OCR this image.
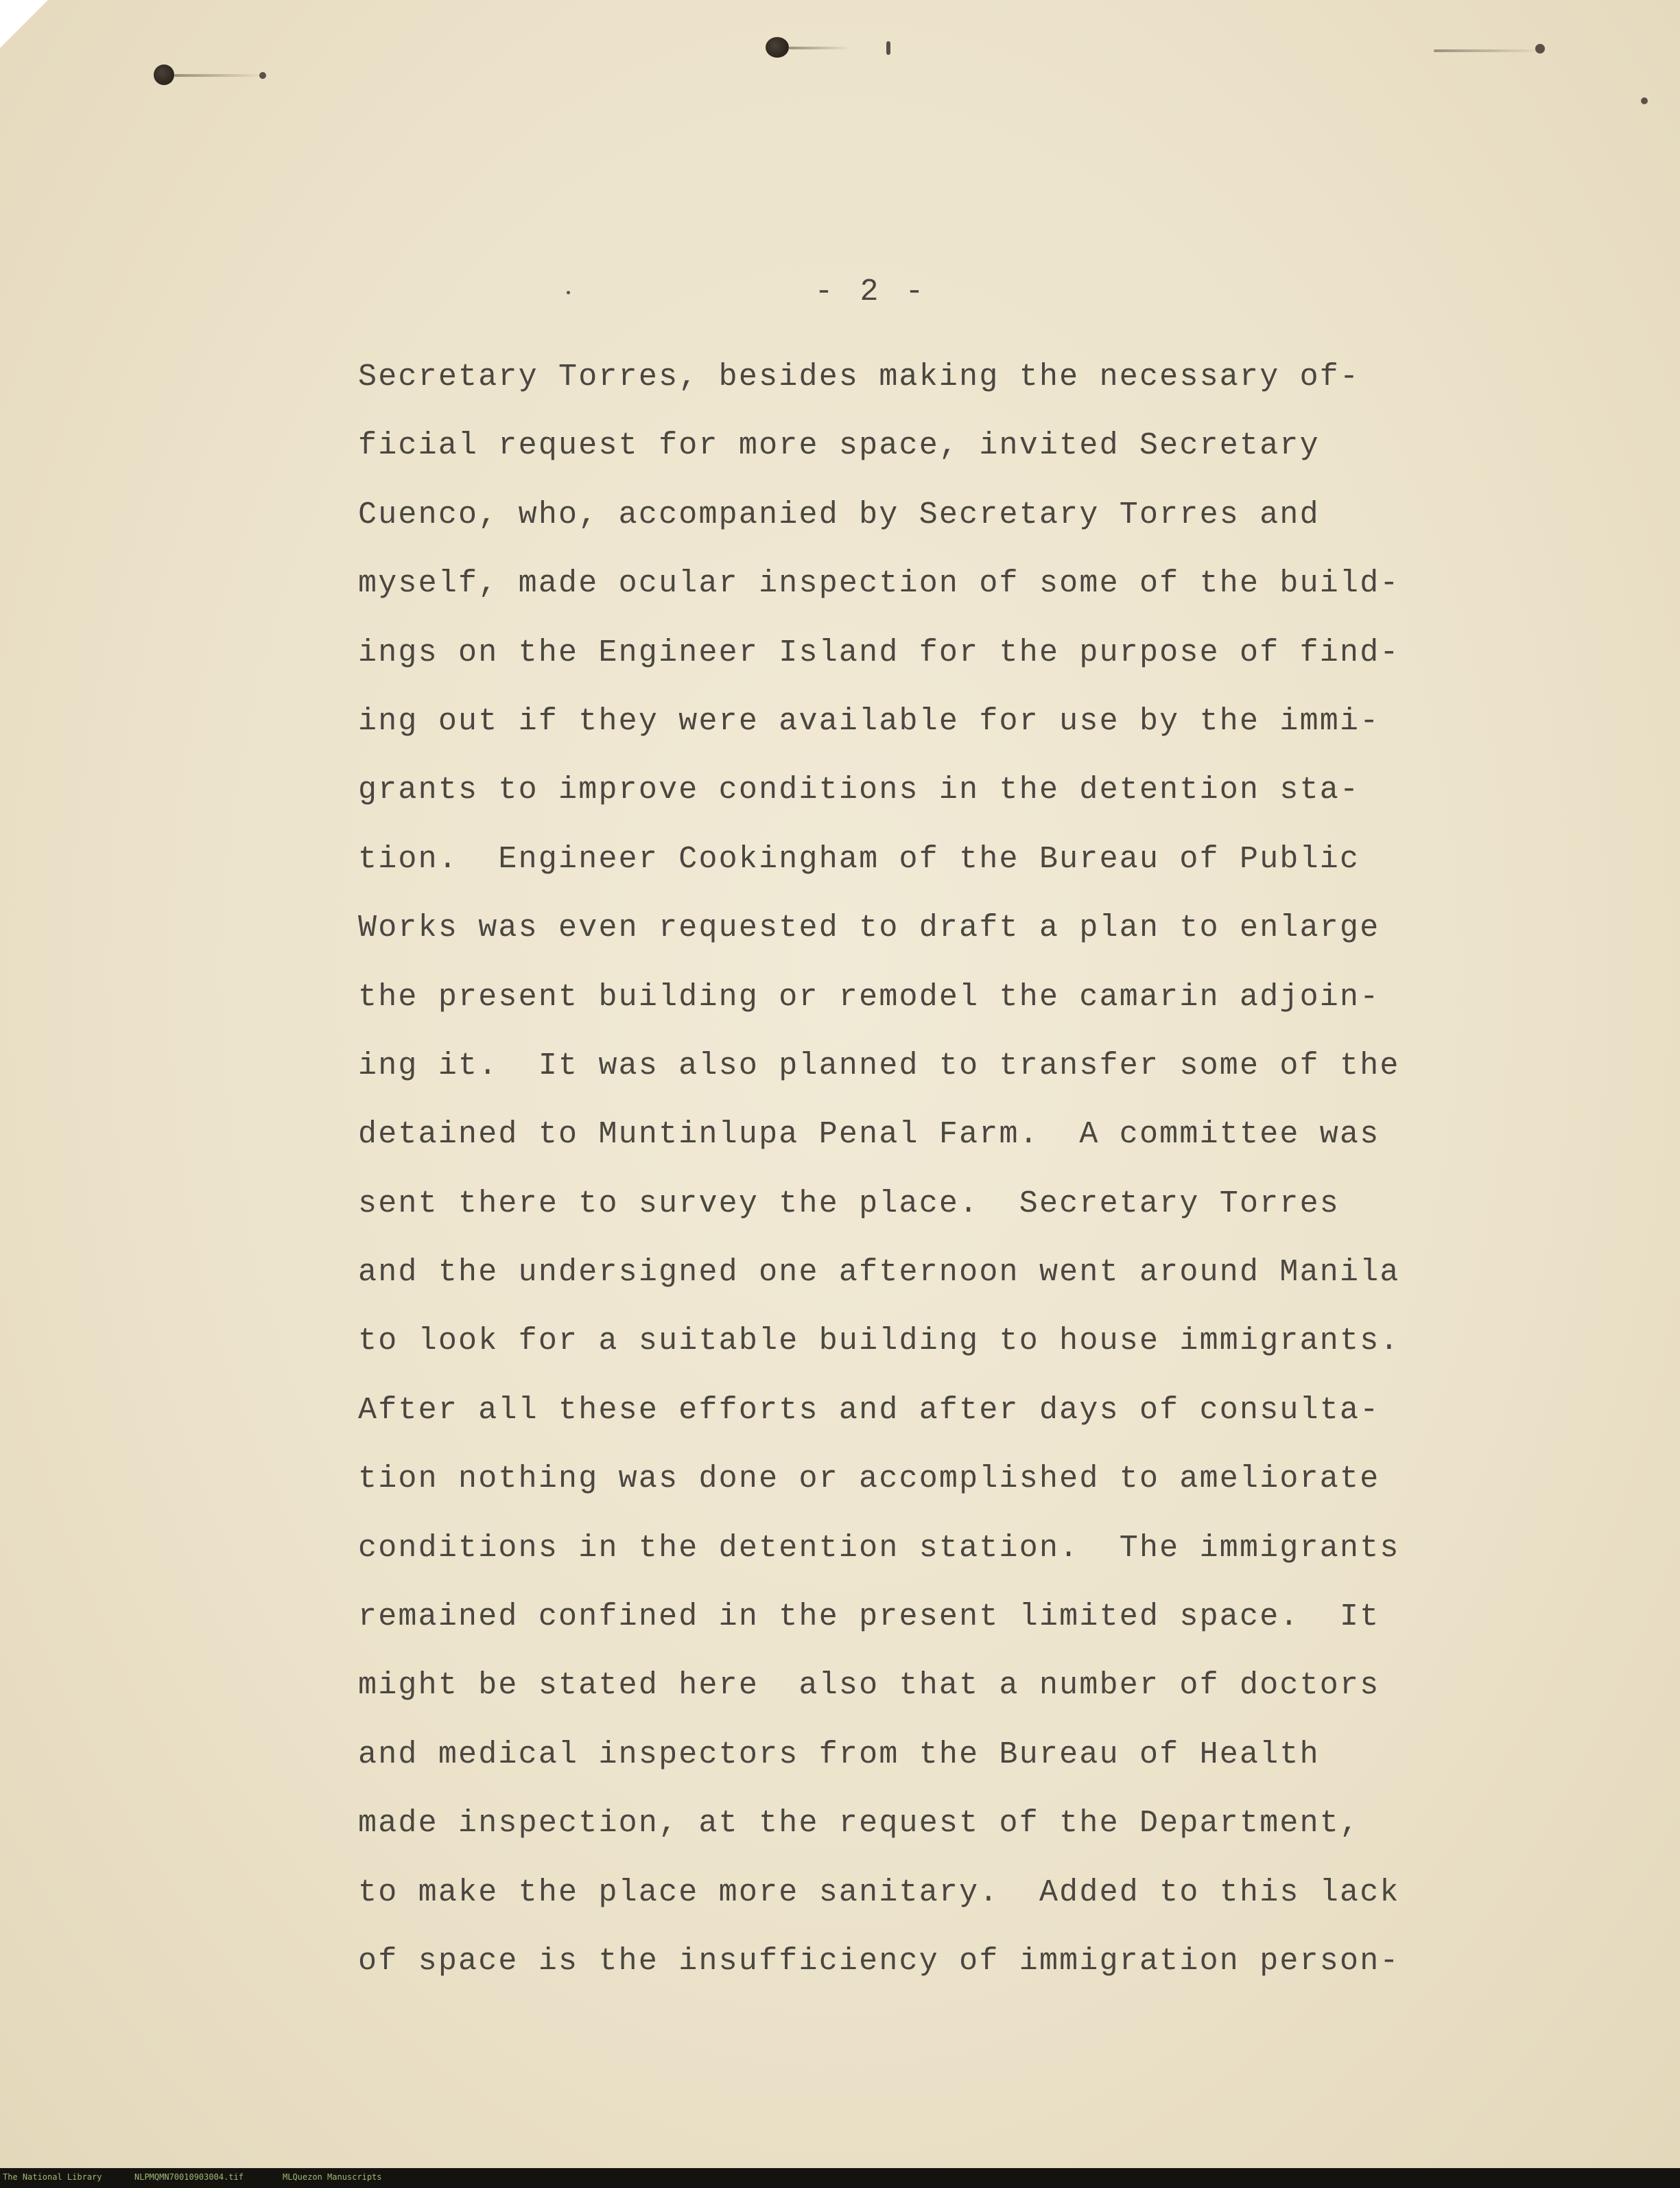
- 2 -
Secretary Torres, besides making the necessary of-
ficial request for more space, invited Secretary
Cuenco, who, accompanied by Secretary Torres and
myself, made ocular inspection of some of the build-
ings on the Engineer Island for the purpose of find-
ing out if they were available for use by the immi-
grants to improve conditions in the detention sta-
tion.  Engineer Cookingham of the Bureau of Public
Works was even requested to draft a plan to enlarge
the present building or remodel the camarin adjoin-
ing it.  It was also planned to transfer some of the
detained to Muntinlupa Penal Farm.  A committee was
sent there to survey the place.  Secretary Torres
and the undersigned one afternoon went around Manila
to look for a suitable building to house immigrants.
After all these efforts and after days of consulta-
tion nothing was done or accomplished to ameliorate
conditions in the detention station.  The immigrants
remained confined in the present limited space.  It
might be stated here  also that a number of doctors
and medical inspectors from the Bureau of Health
made inspection, at the request of the Department,
to make the place more sanitary.  Added to this lack
of space is the insufficiency of immigration person-
The National Library	NLPMQMN70010903004.tif	MLQuezon Manuscripts
